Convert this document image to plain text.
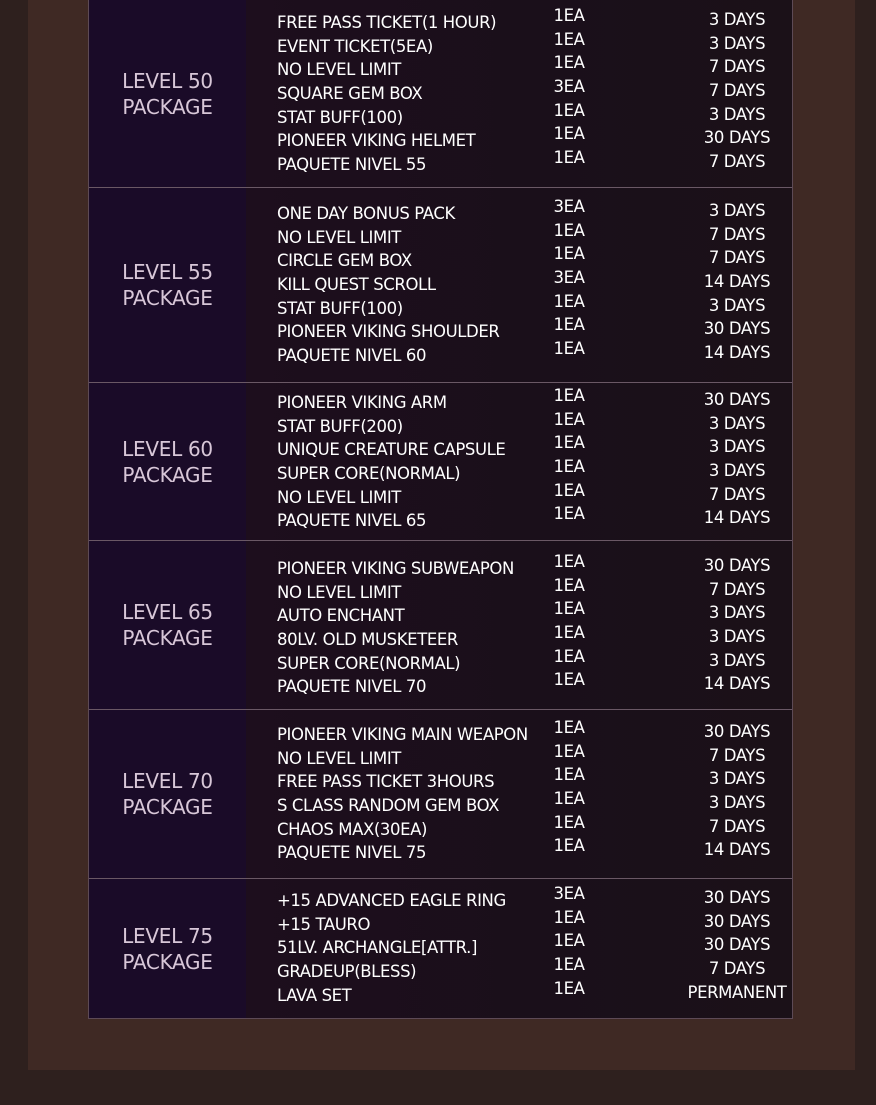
LEVEL 50
PACKAGE
FREE PASS TICKET(1 HOUR)	1EA	3 DAYS
EVENT TICKET(5EA)	1EA	3 DAYS
NO LEVEL LIMIT	1EA	7 DAYS
SQUARE GEM BOX	3EA	7 DAYS
STAT BUFF(100)	1EA	3 DAYS
PIONEER VIKING HELMET	1EA	30 DAYS
PAQUETE NIVEL 55	1EA	7 DAYS
LEVEL 55
PACKAGE
ONE DAY BONUS PACK	3EA	3 DAYS
NO LEVEL LIMIT	1EA	7 DAYS
CIRCLE GEM BOX	1EA	7 DAYS
KILL QUEST SCROLL	3EA	14 DAYS
STAT BUFF(100)	1EA	3 DAYS
PIONEER VIKING SHOULDER	1EA	30 DAYS
PAQUETE NIVEL 60	1EA	14 DAYS
LEVEL 60
PACKAGE
PIONEER VIKING ARM	1EA	30 DAYS
STAT BUFF(200)	1EA	3 DAYS
UNIQUE CREATURE CAPSULE	1EA	3 DAYS
SUPER CORE(NORMAL)	1EA	3 DAYS
NO LEVEL LIMIT	1EA	7 DAYS
PAQUETE NIVEL 65	1EA	14 DAYS
LEVEL 65
PACKAGE
PIONEER VIKING SUBWEAPON	1EA	30 DAYS
NO LEVEL LIMIT	1EA	7 DAYS
AUTO ENCHANT	1EA	3 DAYS
80LV. OLD MUSKETEER	1EA	3 DAYS
SUPER CORE(NORMAL)	1EA	3 DAYS
PAQUETE NIVEL 70	1EA	14 DAYS
LEVEL 70
PACKAGE
PIONEER VIKING MAIN WEAPON	1EA	30 DAYS
NO LEVEL LIMIT	1EA	7 DAYS
FREE PASS TICKET 3HOURS	1EA	3 DAYS
S CLASS RANDOM GEM BOX	1EA	3 DAYS
CHAOS MAX(30EA)	1EA	7 DAYS
PAQUETE NIVEL 75	1EA	14 DAYS
LEVEL 75
PACKAGE
+15 ADVANCED EAGLE RING	3EA	30 DAYS
+15 TAURO	1EA	30 DAYS
51LV. ARCHANGLE[ATTR.]	1EA	30 DAYS
GRADEUP(BLESS)	1EA	7 DAYS
LAVA SET	1EA	PERMANENT
